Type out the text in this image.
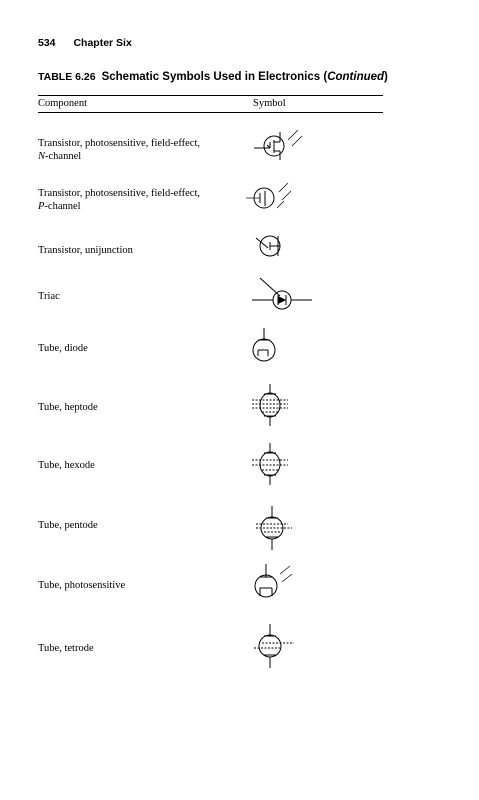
534 Chapter Six
TABLE 6.26 Schematic Symbols Used in Electronics (Continued)
Component	Symbol
Transistor, photosensitive, field-effect,
N-channel
Transistor, photosensitive, field-effect,
P-channel
Transistor, unijunction
Triac
Tube, diode
Tube, heptode
Tube, hexode
Tube, pentode
Tube, photosensitive
Tube, tetrode
